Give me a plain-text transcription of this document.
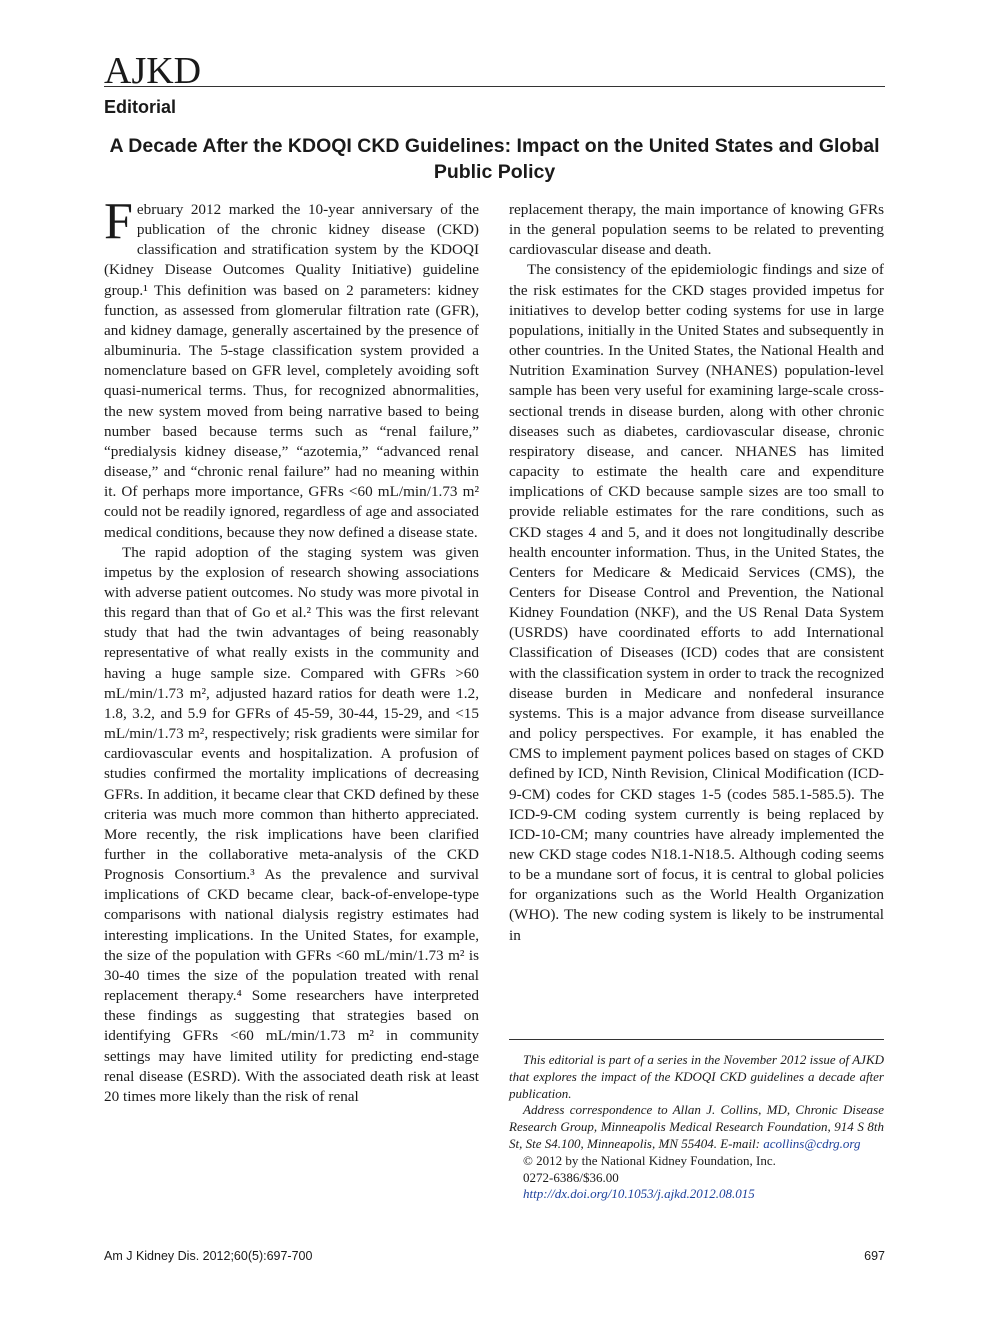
AJKD
Editorial
A Decade After the KDOQI CKD Guidelines: Impact on the United States and Global Public Policy

February 2012 marked the 10-year anniversary of the publication of the chronic kidney disease (CKD) classification and stratification system by the KDOQI (Kidney Disease Outcomes Quality Initiative) guideline group.¹ This definition was based on 2 parameters: kidney function, as assessed from glomerular filtration rate (GFR), and kidney damage, generally ascertained by the presence of albuminuria. The 5-stage classification system provided a nomenclature based on GFR level, completely avoiding soft quasi-numerical terms. Thus, for recognized abnormalities, the new system moved from being narrative based to being number based because terms such as “renal failure,” “predialysis kidney disease,” “azotemia,” “advanced renal disease,” and “chronic renal failure” had no meaning within it. Of perhaps more importance, GFRs <60 mL/min/1.73 m² could not be readily ignored, regardless of age and associated medical conditions, because they now defined a disease state.

The rapid adoption of the staging system was given impetus by the explosion of research showing associations with adverse patient outcomes. No study was more pivotal in this regard than that of Go et al.² This was the first relevant study that had the twin advantages of being reasonably representative of what really exists in the community and having a huge sample size. Compared with GFRs >60 mL/min/1.73 m², adjusted hazard ratios for death were 1.2, 1.8, 3.2, and 5.9 for GFRs of 45-59, 30-44, 15-29, and <15 mL/min/1.73 m², respectively; risk gradients were similar for cardiovascular events and hospitalization. A profusion of studies confirmed the mortality implications of decreasing GFRs. In addition, it became clear that CKD defined by these criteria was much more common than hitherto appreciated. More recently, the risk implications have been clarified further in the collaborative meta-analysis of the CKD Prognosis Consortium.³ As the prevalence and survival implications of CKD became clear, back-of-envelope-type comparisons with national dialysis registry estimates had interesting implications. In the United States, for example, the size of the population with GFRs <60 mL/min/1.73 m² is 30-40 times the size of the population treated with renal replacement therapy.⁴ Some researchers have interpreted these findings as suggesting that strategies based on identifying GFRs <60 mL/min/1.73 m² in community settings may have limited utility for predicting end-stage renal disease (ESRD). With the associated death risk at least 20 times more likely than the risk of renal

replacement therapy, the main importance of knowing GFRs in the general population seems to be related to preventing cardiovascular disease and death.

The consistency of the epidemiologic findings and size of the risk estimates for the CKD stages provided impetus for initiatives to develop better coding systems for use in large populations, initially in the United States and subsequently in other countries. In the United States, the National Health and Nutrition Examination Survey (NHANES) population-level sample has been very useful for examining large-scale cross-sectional trends in disease burden, along with other chronic diseases such as diabetes, cardiovascular disease, chronic respiratory disease, and cancer. NHANES has limited capacity to estimate the health care and expenditure implications of CKD because sample sizes are too small to provide reliable estimates for the rare conditions, such as CKD stages 4 and 5, and it does not longitudinally describe health encounter information. Thus, in the United States, the Centers for Medicare & Medicaid Services (CMS), the Centers for Disease Control and Prevention, the National Kidney Foundation (NKF), and the US Renal Data System (USRDS) have coordinated efforts to add International Classification of Diseases (ICD) codes that are consistent with the classification system in order to track the recognized disease burden in Medicare and nonfederal insurance systems. This is a major advance from disease surveillance and policy perspectives. For example, it has enabled the CMS to implement payment polices based on stages of CKD defined by ICD, Ninth Revision, Clinical Modification (ICD-9-CM) codes for CKD stages 1-5 (codes 585.1-585.5). The ICD-9-CM coding system currently is being replaced by ICD-10-CM; many countries have already implemented the new CKD stage codes N18.1-N18.5. Although coding seems to be a mundane sort of focus, it is central to global policies for organizations such as the World Health Organization (WHO). The new coding system is likely to be instrumental in

This editorial is part of a series in the November 2012 issue of AJKD that explores the impact of the KDOQI CKD guidelines a decade after publication.

Address correspondence to Allan J. Collins, MD, Chronic Disease Research Group, Minneapolis Medical Research Foundation, 914 S 8th St, Ste S4.100, Minneapolis, MN 55404. E-mail: acollins@cdrg.org

© 2012 by the National Kidney Foundation, Inc.

0272-6386/$36.00

http://dx.doi.org/10.1053/j.ajkd.2012.08.015

Am J Kidney Dis. 2012;60(5):697-700	697
